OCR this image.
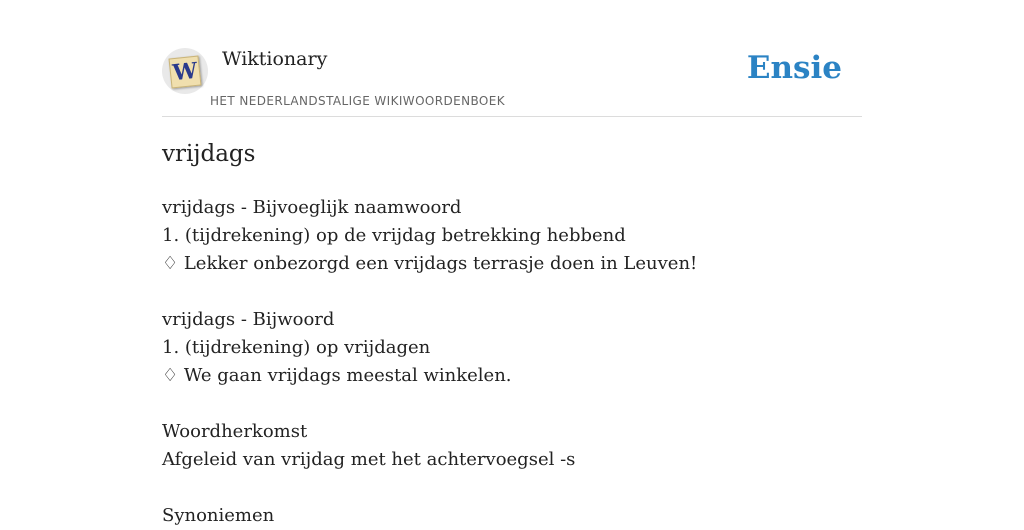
W Wiktionary
HET NEDERLANDSTALIGE WIKIWOORDENBOEK
Ensie
vrijdags
vrijdags - Bijvoeglijk naamwoord
1. (tijdrekening) op de vrijdag betrekking hebbend
♢ Lekker onbezorgd een vrijdags terrasje doen in Leuven!
vrijdags - Bijwoord
1. (tijdrekening) op vrijdagen
♢ We gaan vrijdags meestal winkelen.
Woordherkomst
Afgeleid van vrijdag met het achtervoegsel -s
Synoniemen
